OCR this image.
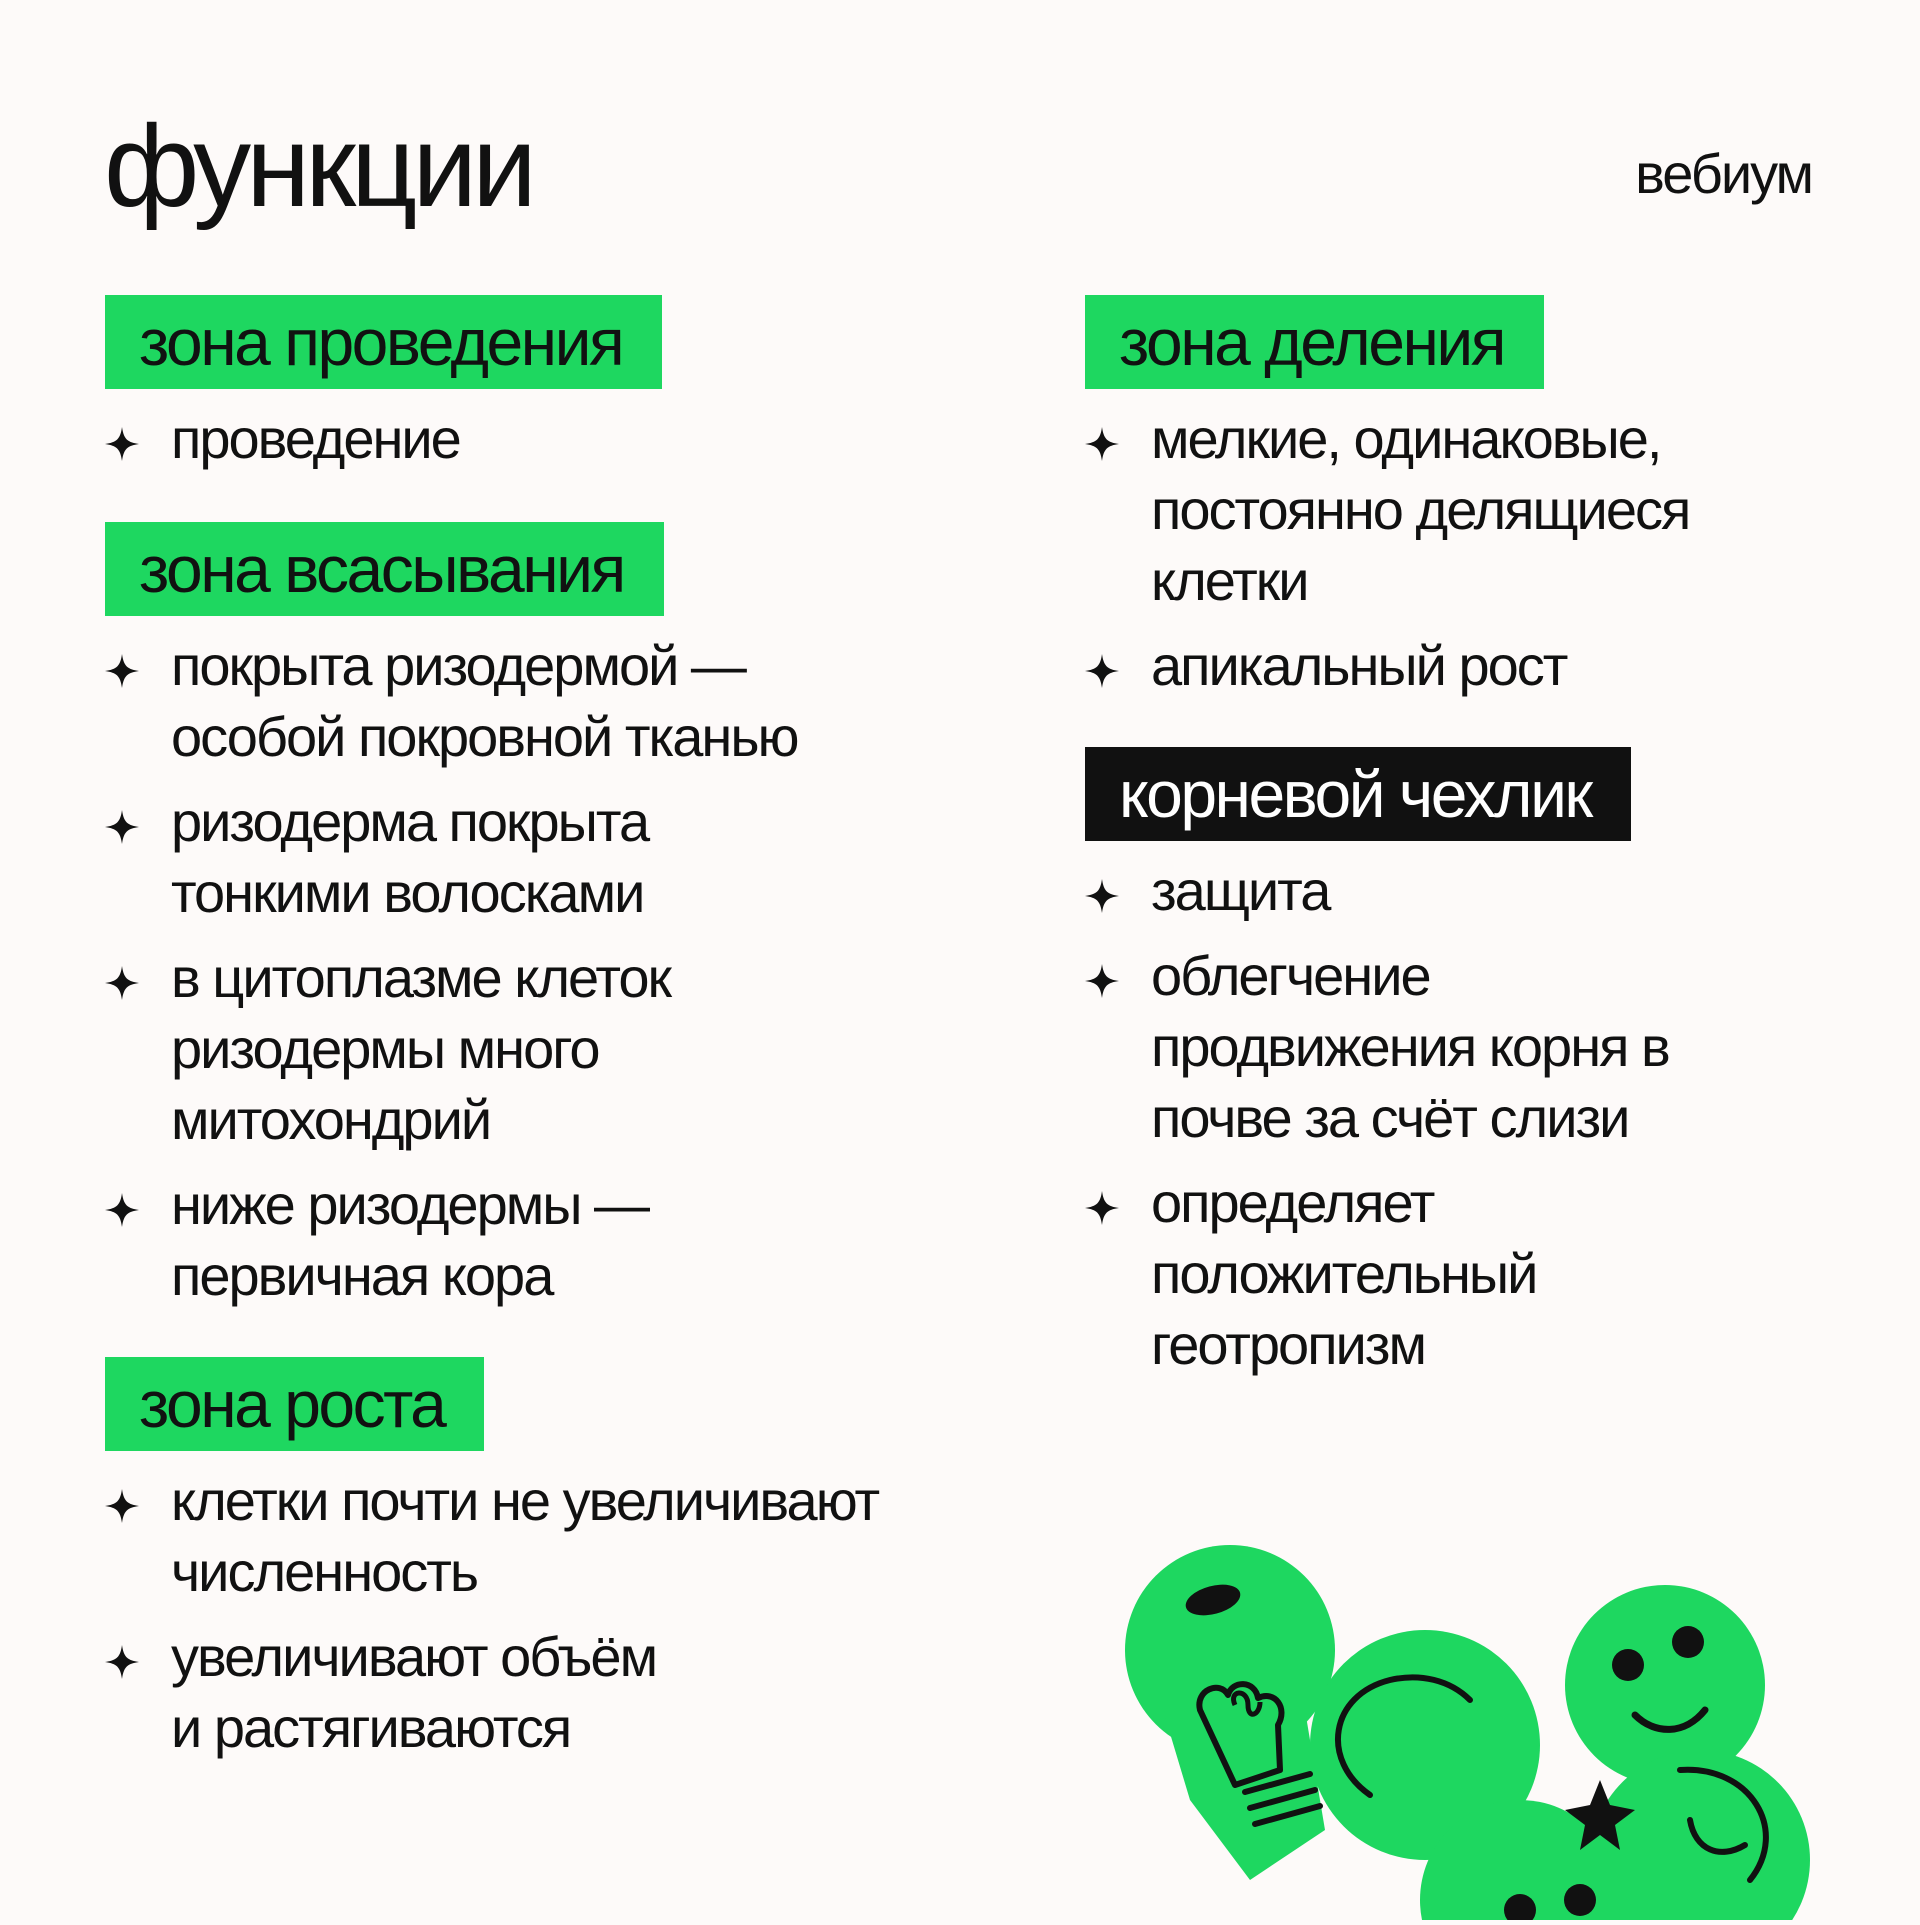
функции	вебиум
зона проведения
проведение
зона всасывания
покрыта ризодермой — особой покровной тканью
ризодерма покрыта тонкими волосками
в цитоплазме клеток ризодермы много митохондрий
ниже ризодермы — первичная кора
зона роста
клетки почти не увеличивают численность
увеличивают объём и растягиваются
зона деления
мелкие, одинаковые, постоянно делящиеся клетки
апикальный рост
корневой чехлик
защита
облегчение продвижения корня в почве за счёт слизи
определяет положительный геотропизм
